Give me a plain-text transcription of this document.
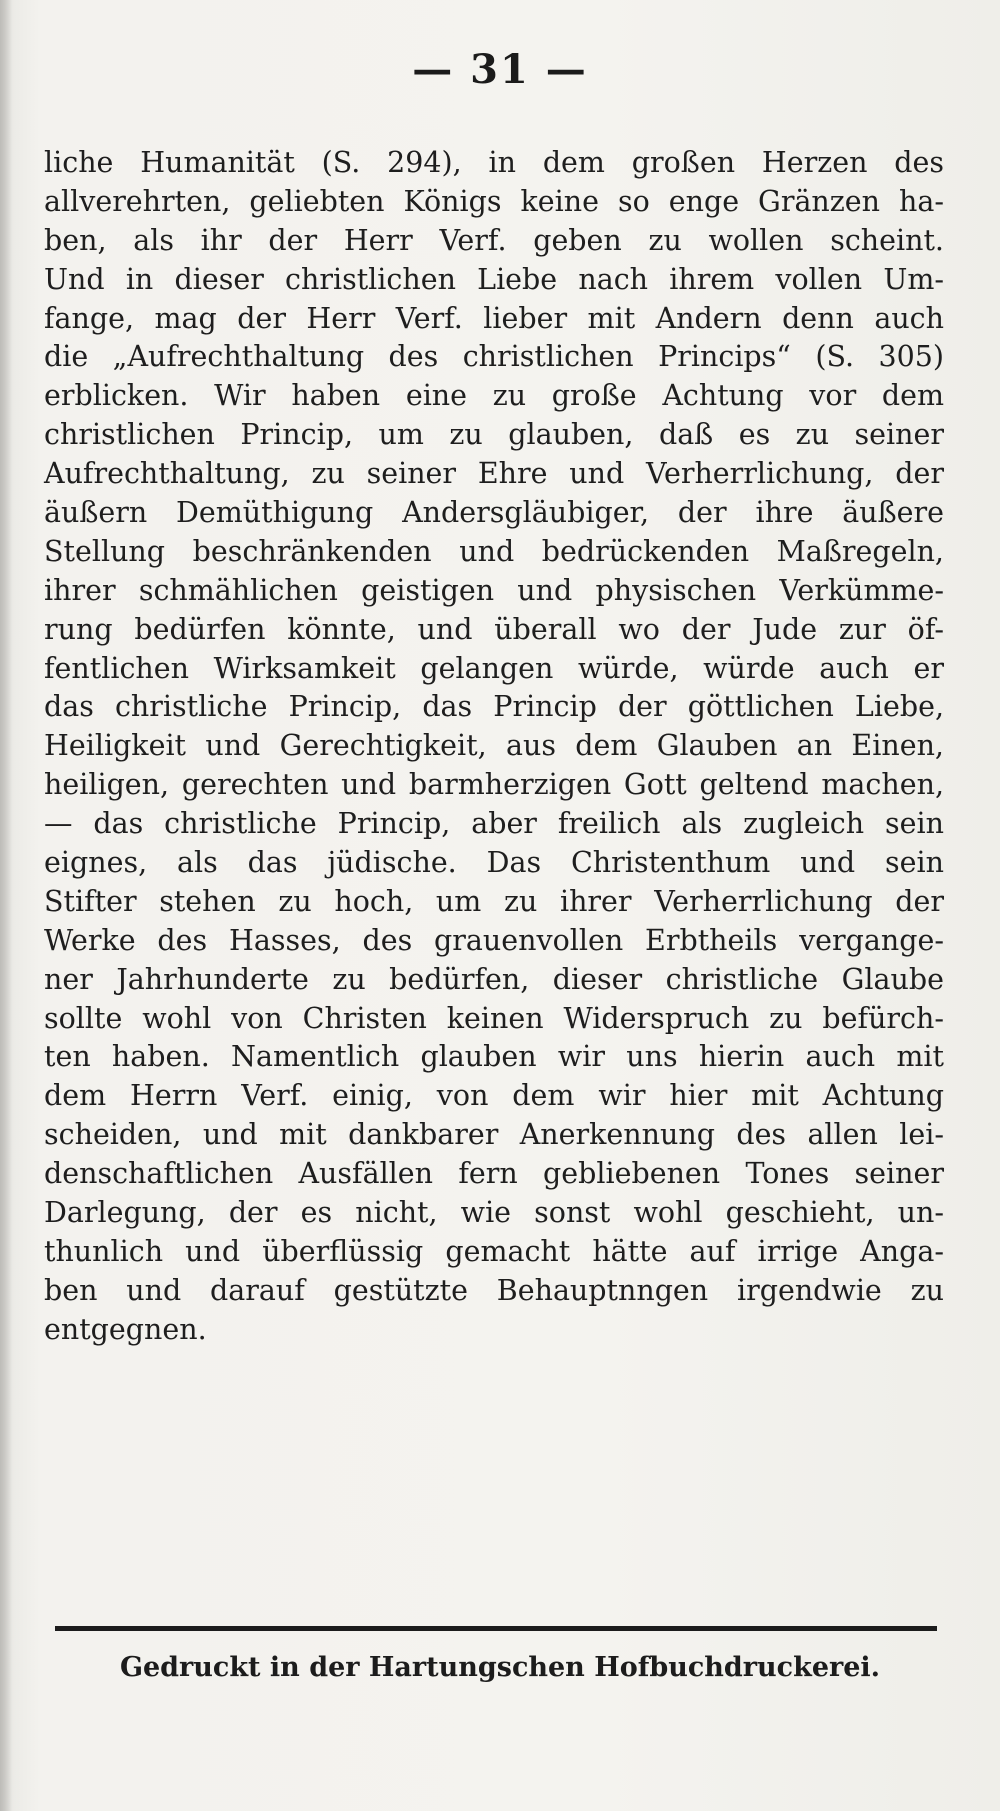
— 31 —
liche Humanität (S. 294), in dem großen Herzen des
allverehrten, geliebten Königs keine so enge Gränzen ha-
ben, als ihr der Herr Verf. geben zu wollen scheint.
Und in dieser christlichen Liebe nach ihrem vollen Um-
fange, mag der Herr Verf. lieber mit Andern denn auch
die „Aufrechthaltung des christlichen Princips“ (S. 305)
erblicken. Wir haben eine zu große Achtung vor dem
christlichen Princip, um zu glauben, daß es zu seiner
Aufrechthaltung, zu seiner Ehre und Verherrlichung, der
äußern Demüthigung Andersgläubiger, der ihre äußere
Stellung beschränkenden und bedrückenden Maßregeln,
ihrer schmählichen geistigen und physischen Verkümme-
rung bedürfen könnte, und überall wo der Jude zur öf-
fentlichen Wirksamkeit gelangen würde, würde auch er
das christliche Princip, das Princip der göttlichen Liebe,
Heiligkeit und Gerechtigkeit, aus dem Glauben an Einen,
heiligen, gerechten und barmherzigen Gott geltend machen,
— das christliche Princip, aber freilich als zugleich sein
eignes, als das jüdische. Das Christenthum und sein
Stifter stehen zu hoch, um zu ihrer Verherrlichung der
Werke des Hasses, des grauenvollen Erbtheils vergange-
ner Jahrhunderte zu bedürfen, dieser christliche Glaube
sollte wohl von Christen keinen Widerspruch zu befürch-
ten haben. Namentlich glauben wir uns hierin auch mit
dem Herrn Verf. einig, von dem wir hier mit Achtung
scheiden, und mit dankbarer Anerkennung des allen lei-
denschaftlichen Ausfällen fern gebliebenen Tones seiner
Darlegung, der es nicht, wie sonst wohl geschieht, un-
thunlich und überflüssig gemacht hätte auf irrige Anga-
ben und darauf gestützte Behauptnngen irgendwie zu
entgegnen.
Gedruckt in der Hartungschen Hofbuchdruckerei.
